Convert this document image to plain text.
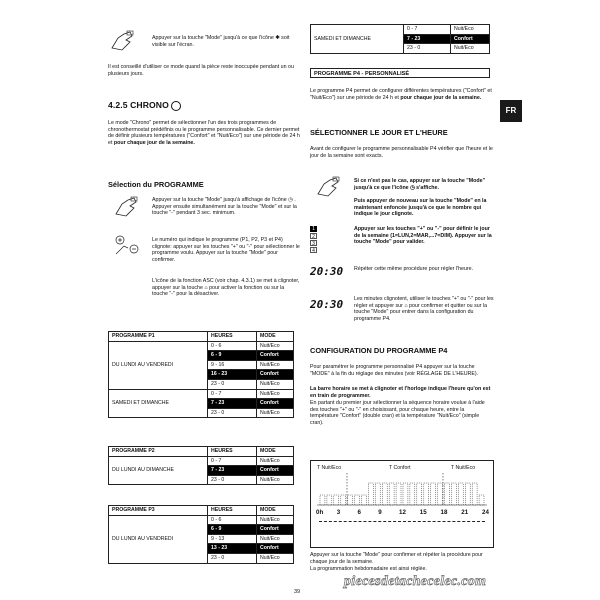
Appuyer sur la touche "Mode" jusqu'à ce que l'icône ✱ soit visible sur l'écran.

Il est conseillé d'utiliser ce mode quand la pièce reste inoccupée pendant un ou plusieurs jours.

4.2.5 CHRONO

Le mode "Chrono" permet de sélectionner l'un des trois programmes de chronothermostat prédéfinis ou le programme personnalisable. Ce dernier permet de définir plusieurs températures ("Confort" et "Nuit/Eco") sur une période de 24 h et pour chaque jour de la semaine.

Sélection du PROGRAMME

Appuyer sur la touche "Mode" jusqu'à affichage de l'icône ◷ . Appuyer ensuite simultanément sur la touche "Mode" et sur la touche "-" pendant 3 sec. minimum.

Le numéro qui indique le programme (P1, P2, P3 et P4) clignote: appuyer sur les touches "+" ou "-" pour sélectionner le programme voulu. Appuyer sur la touche "Mode" pour confirmer.

L'icône de la fonction ASC (voir chap. 4.3.1) se met à clignoter, appuyer sur la touche ⌂ pour activer la fonction ou sur la touche "-" pour la désactiver.

PROGRAMME P1	HEURES	MODE
DU LUNDI AU VENDREDI	0 - 6	Nuit/Eco
	6 - 9	Confort
	9 - 16	Nuit/Eco
	16 - 23	Confort
	23 - 0	Nuit/Eco
SAMEDI ET DIMANCHE	0 - 7	Nuit/Eco
	7 - 23	Confort
	23 - 0	Nuit/Eco
PROGRAMME P2	HEURES	MODE
DU LUNDI AU DIMANCHE	0 - 7	Nuit/Eco
	7 - 23	Confort
	23 - 0	Nuit/Eco
PROGRAMME P3	HEURES	MODE
DU LUNDI AU VENDREDI	0 - 6	Nuit/Eco
	6 - 9	Confort
	9 - 13	Nuit/Eco
	13 - 23	Confort
	23 - 0	Nuit/Eco
SAMEDI ET DIMANCHE	0 - 7	Nuit/Eco
	7 - 23	Confort
	23 - 0	Nuit/Eco
PROGRAMME P4 - PERSONNALISÉ

Le programme P4 permet de configurer différentes températures ("Confort" et "Nuit/Eco") sur une période de 24 h et pour chaque jour de la semaine.

SÉLECTIONNER LE JOUR ET L'HEURE

Avant de configurer le programme personnalisable P4 vérifier que l'heure et le jour de la semaine sont exacts.

Si ce n'est pas le cas, appuyer sur la touche "Mode" jusqu'à ce que l'icône ◷ s'affiche.

Puis appuyer de nouveau sur la touche "Mode" en la maintenant enfoncée jusqu'à ce que le nombre qui indique le jour clignote.

1
2
3
4

Appuyer sur les touches "+" ou "-" pour définir le jour de la semaine (1=LUN,2=MAR,...7=DIM). Appuyer sur la touche "Mode" pour valider.

20:30 Répéter cette même procédure pour régler l'heure.

20:30 Les minutes clignotent, utiliser le touches "+" ou "-" pour les régler et appuyer sur ⌂ pour confirmer et quitter ou sur la touche "Mode" pour entrer dans la configuration du programme P4.

CONFIGURATION DU PROGRAMME P4

Pour paramétrer le programme personnalisé P4 appuyer sur la touche "MODE" à la fin du réglage des minutes (voir RÉGLAGE DE L'HEURE).

La barre horaire se met à clignoter et l'horloge indique l'heure qu'on est en train de programmer.

En partant du premier jour sélectionner la séquence horaire voulue à l'aide des touches "+" ou "-" en choisissant, pour chaque heure, entre la température "Confort" (double cran) et la température "Nuit/Eco" (simple cran).

T Nuit/Eco	T Confort	T Nuit/Eco
0h 3	6	9	12 15 18 21 24

Appuyer sur la touche "Mode" pour confirmer et répéter la procédure pour chaque jour de la semaine.

La programmation hebdomadaire est ainsi réglée.

FR
39
piecesdetachecelec.com
